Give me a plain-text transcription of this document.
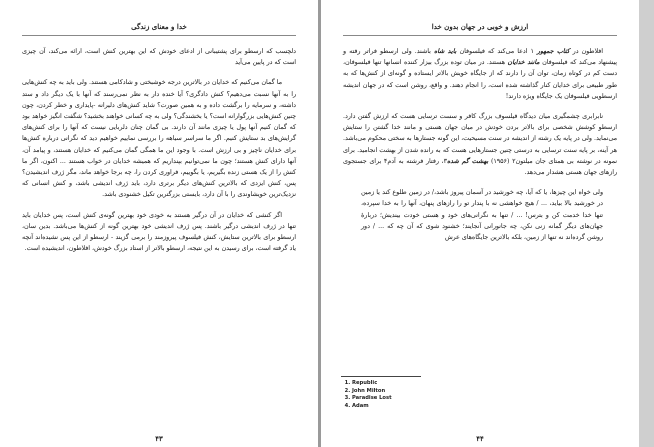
خدا و معنای زندگی

دلچسب که ارسطو برای پشتیبانی از ادعای خودش که این بهترین کنش است، ارائه می‌کند، آن چیزی است که در پایین می‌آید

ما گمان می‌کنیم که خدایان در بالاترین درجه خوشبختی و شادکامی هستند. ولی باید به چه کنش‌هایی را به آنها نسبت می‌دهیم؟ کنش دادگری؟ آیا خنده دار به نظر نمی‌رسند که آنها با یک دیگر داد و ستد داشته، و سرمایه را برگشت داده و به همین صورت؟ شاید کنش‌های دلیرانه -پایداری و خطر کردن، چون چنین کنش‌هایی بزرگوارانه است؟ یا بخشندگی؟ ولی به چه کسانی خواهند بخشید؟ شگفت انگیز خواهد بود که گمان کنیم آنها پول یا چیزی مانند آن دارند. بی گمان چنان دلربایی نیست که آنها را برای کنش‌های گرایش‌های بد ستایش کنیم. اگر ما سراسر سیاهه را بررسی نماییم خواهیم دید که نگرانی درباره کنش‌ها برای خدایان ناچیز و بی ارزش است. با وجود این ما همگی گمان می‌کنیم که خدایان هستند، و پیامد آن، آنها دارای کنش هستند؛ چون ما نمی‌توانیم بپنداریم که همیشه خدایان در خواب هستند ... اکنون، اگر ما کنش را از یک هستی زنده بگیریم، یا بگوییم، فراوری کردن را، چه برجا خواهد ماند، مگر ژرف اندیشیدن؟ پس، کنش ایزدی که بالاترین کنش‌های دیگر برتری دارد، باید ژرف اندیشی باشد، و کنش انسانی که نزدیک‌ترین خویشاوندی را با آن دارد، بایستی بزرگترین تکیل خشنودی باشد.

اگر کنشی که خدایان در آن درگیر هستند به خودی خود بهترین گونه‌ی کنش است، پس خدایان باید تنها در ژرف اندیشی درگیر باشند. پس ژرف اندیشی خود بهترین گونه از کنش‌ها می‌باشد. بدین سان، ارسطو برای بالاترین ستایش، کنش فیلسوف پیروزمند را برمی گزیند - ارسطو از این پس نشیده‌اند آنچه یاد گرفته است، برای رسیدن به این نتیجه، ارسطو بالاتر از استاد بزرگ خودش، افلاطون، اندیشیده است.

۴۳
ارزش و خوبی در جهان بدون خدا

افلاطون در کتاب جمهور ۱ ادعا می‌کند که فیلسوفان باید شاه باشند. ولی ارسطو فراتر رفته و پیشنهاد می‌کند که فیلسوفان مانند خدایان هستند. در میان توده بزرگ بیزار کننده انسانها تنها فیلسوفان، دست کم در کوتاه زمان، توان آن را دارند که از جایگاه خویش بالاتر ایستاده و گونه‌ای از کنش‌ها که به طور طبیعی برای خدایان کنار گذاشته شده است، را انجام دهند. و واقع، روشن است که در جهان اندیشه ارسطویی فیلسوفان یک جایگاه ویژه دارند!

نابرابری چشمگیری میان دیدگاه فیلسوف بزرگ کافر و سست ترسایی هست که ارزش گفتن دارد. ارسطو کوشش شخصی برای بالاتر بردن خودش در میان جهان هستی و مانند خدا گشتن را ستایش می‌نماید. ولی در پایه یک رشته از اندیشه در سنت مسیحیت، این گونه جستارها به سختی محکوم می‌باشد. هر آینه، بر پایه سنت ترسایی به درستی چنین جستارهایی هست که به رانده شدن از بهشت انجامید. برای نمونه در نوشته بی همتای جان میلتون۲ (۱۹۵۶) بهشت گم شده۳، رفتار فرشته به آدم۴ برای جستجوی رازهای جهان هستی هشدار می‌دهد.

ولی خواه این چیزها، یا که آیا، چه خورشید در آسمان پیروز باشد،/ در زمین طلوع کند یا زمین در خورشید بالا بیاید، ... / هیچ خواهشی نه با پندار تو را رازهای پنهان، آنها را به خدا سپرده، تنها خدا خدمت کن و بترس! ... / تنها به نگرانی‌های خود و هستی خودت بیندیش؛ دربارهٔ جهان‌های دیگر گمانه زنی نکن، چه جانورانی آنجایند؛ خشنود شوی که آن چه که ... / دور روشن گرده‌اند نه تنها از زمین، بلکه بالاترین جایگاه‌های عرش

1. Republic
2. John Milton
3. Paradise Lost
4. Adam
۴۴
